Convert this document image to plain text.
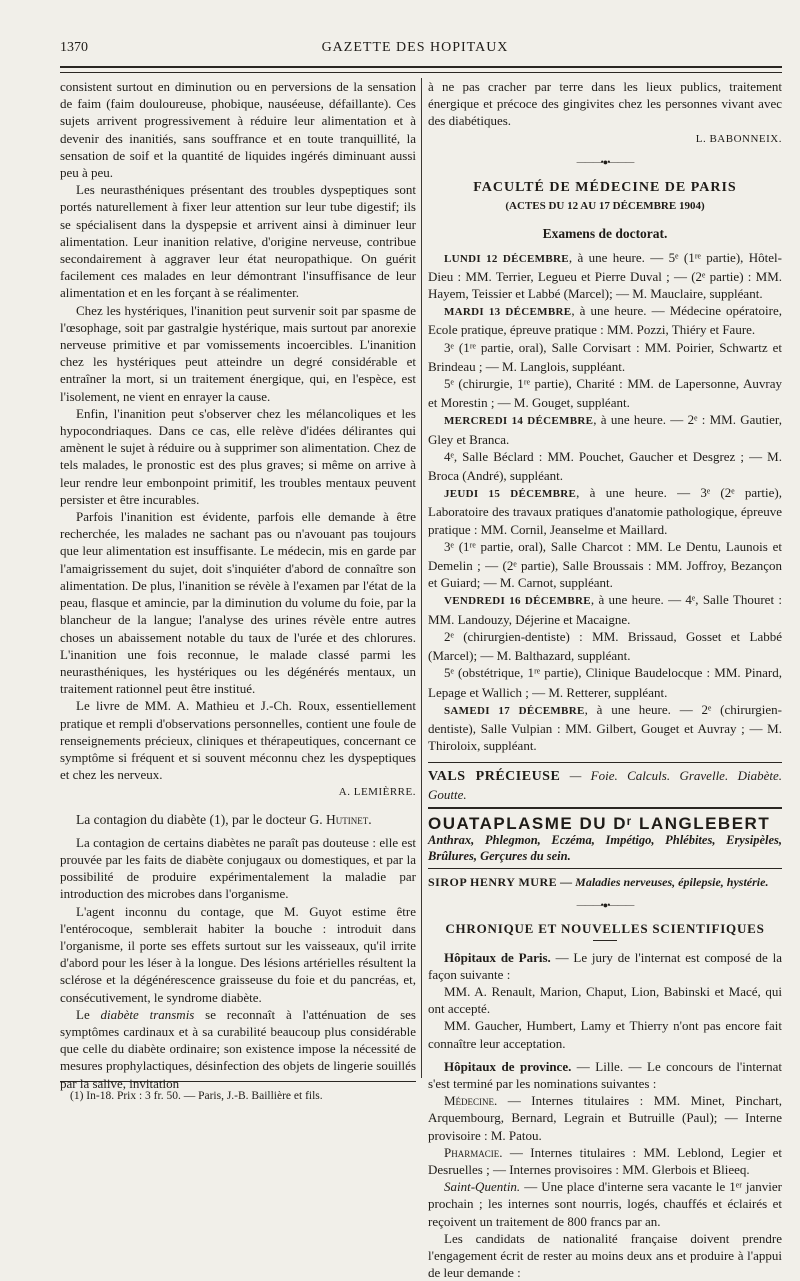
1370	GAZETTE DES HOPITAUX

consistent surtout en diminution ou en perversions de la sensation de faim (faim douloureuse, phobique, nauséeuse, défaillante). Ces sujets arrivent progressivement à réduire leur alimentation et à devenir des inanitiés, sans souffrance et en toute tranquillité, la sensation de soif et la quantité de liquides ingérés diminuant aussi peu à peu.

Les neurasthéniques présentant des troubles dyspeptiques sont portés naturellement à fixer leur attention sur leur tube digestif; ils se spécialisent dans la dyspepsie et arrivent ainsi à diminuer leur alimentation. Leur inanition relative, d'origine nerveuse, contribue secondairement à aggraver leur état neuropathique. On guérit facilement ces malades en leur démontrant l'insuffisance de leur alimentation et en les forçant à se réalimenter.

Chez les hystériques, l'inanition peut survenir soit par spasme de l'œsophage, soit par gastralgie hystérique, mais surtout par anorexie nerveuse primitive et par vomissements incoercibles. L'inanition chez les hystériques peut atteindre un degré considérable et entraîner la mort, si un traitement énergique, qui, en l'espèce, est l'isolement, ne vient en enrayer la cause.

Enfin, l'inanition peut s'observer chez les mélancoliques et les hypocondriaques. Dans ce cas, elle relève d'idées délirantes qui amènent le sujet à réduire ou à supprimer son alimentation. Chez de tels malades, le pronostic est des plus graves; si même on arrive à leur rendre leur embonpoint primitif, les troubles mentaux peuvent persister et être incurables.

Parfois l'inanition est évidente, parfois elle demande à être recherchée, les malades ne sachant pas ou n'avouant pas toujours que leur alimentation est insuffisante. Le médecin, mis en garde par l'amaigrissement du sujet, doit s'inquiéter d'abord de connaître son alimentation. De plus, l'inanition se révèle à l'examen par l'état de la peau, flasque et amincie, par la diminution du volume du foie, par la blancheur de la langue; l'analyse des urines révèle entre autres choses un abaissement notable du taux de l'urée et des chlorures. L'inanition une fois reconnue, le malade classé parmi les neurasthéniques, les hystériques ou les dégénérés mentaux, un traitement rationnel peut être institué.

Le livre de MM. A. Mathieu et J.-Ch. Roux, essentiellement pratique et rempli d'observations personnelles, contient une foule de renseignements précieux, cliniques et thérapeutiques, concernant ce symptôme si fréquent et si souvent méconnu chez les dyspeptiques et chez les nerveux.

A. LEMIÈRRE.

La contagion du diabète (1), par le docteur G. Hutinet.

La contagion de certains diabètes ne paraît pas douteuse : elle est prouvée par les faits de diabète conjugaux ou domestiques, et par la possibilité de produire expérimentalement la maladie par introduction des microbes dans l'organisme.

L'agent inconnu du contage, que M. Guyot estime être l'entérocoque, semblerait habiter la bouche : introduit dans l'organisme, il porte ses effets surtout sur les vaisseaux, qu'il irrite d'abord pour les léser à la longue. Des lésions artérielles résultent la sclérose et la dégénérescence graisseuse du foie et du pancréas, et, consécutivement, le syndrome diabète.

Le diabète transmis se reconnaît à l'atténuation de ses symptômes cardinaux et à sa curabilité beaucoup plus considérable que celle du diabète ordinaire; son existence impose la nécessité de mesures prophylactiques, désinfection des objets de lingerie souillés par la salive, invitation

(1) In-18. Prix : 3 fr. 50. — Paris, J.-B. Baillière et fils.

à ne pas cracher par terre dans les lieux publics, traitement énergique et précoce des gingivites chez les personnes vivant avec des diabétiques.

L. BABONNEIX.
———•●•———
FACULTÉ DE MÉDECINE DE PARIS
(ACTES DU 12 AU 17 DÉCEMBRE 1904)
Examens de doctorat.

LUNDI 12 DÉCEMBRE, à une heure. — 5ᵉ (1ʳᵉ partie), Hôtel-Dieu : MM. Terrier, Legueu et Pierre Duval ; — (2ᵉ partie) : MM. Hayem, Teissier et Labbé (Marcel); — M. Mauclaire, suppléant.

MARDI 13 DÉCEMBRE, à une heure. — Médecine opératoire, Ecole pratique, épreuve pratique : MM. Pozzi, Thiéry et Faure.

3ᵉ (1ʳᵉ partie, oral), Salle Corvisart : MM. Poirier, Schwartz et Brindeau ; — M. Langlois, suppléant.

5ᵉ (chirurgie, 1ʳᵉ partie), Charité : MM. de Lapersonne, Auvray et Morestin ; — M. Gouget, suppléant.

MERCREDI 14 DÉCEMBRE, à une heure. — 2ᵉ : MM. Gautier, Gley et Branca.

4ᵉ, Salle Béclard : MM. Pouchet, Gaucher et Desgrez ; — M. Broca (André), suppléant.

JEUDI 15 DÉCEMBRE, à une heure. — 3ᵉ (2ᵉ partie), Laboratoire des travaux pratiques d'anatomie pathologique, épreuve pratique : MM. Cornil, Jeanselme et Maillard.

3ᵉ (1ʳᵉ partie, oral), Salle Charcot : MM. Le Dentu, Launois et Demelin ; — (2ᵉ partie), Salle Broussais : MM. Joffroy, Bezançon et Guiard; — M. Carnot, suppléant.

VENDREDI 16 DÉCEMBRE, à une heure. — 4ᵉ, Salle Thouret : MM. Landouzy, Déjerine et Macaigne.

2ᵉ (chirurgien-dentiste) : MM. Brissaud, Gosset et Labbé (Marcel); — M. Balthazard, suppléant.

5ᵉ (obstétrique, 1ʳᵉ partie), Clinique Baudelocque : MM. Pinard, Lepage et Wallich ; — M. Retterer, suppléant.

SAMEDI 17 DÉCEMBRE, à une heure. — 2ᵉ (chirurgien-dentiste), Salle Vulpian : MM. Gilbert, Gouget et Auvray ; — M. Thiroloix, suppléant.

VALS PRÉCIEUSE — Foie. Calculs. Gravelle. Diabète. Goutte.
OUATAPLASME DU Dʳ LANGLEBERT
Anthrax, Phlegmon, Eczéma, Impétigo, Phlébites, Erysipèles, Brûlures, Gerçures du sein.
SIROP HENRY MURE — Maladies nerveuses, épilepsie, hystérie.
———•●•———
CHRONIQUE ET NOUVELLES SCIENTIFIQUES

Hôpitaux de Paris. — Le jury de l'internat est composé de la façon suivante :

MM. A. Renault, Marion, Chaput, Lion, Babinski et Macé, qui ont accepté.

MM. Gaucher, Humbert, Lamy et Thierry n'ont pas encore fait connaître leur acceptation.

Hôpitaux de province. — Lille. — Le concours de l'internat s'est terminé par les nominations suivantes :

Médecine. — Internes titulaires : MM. Minet, Pinchart, Arquembourg, Bernard, Legrain et Butruille (Paul); — Interne provisoire : M. Patou.

Pharmacie. — Internes titulaires : MM. Leblond, Legier et Desruelles ; — Internes provisoires : MM. Glerbois et Blieeq.

Saint-Quentin. — Une place d'interne sera vacante le 1ᵉʳ janvier prochain ; les internes sont nourris, logés, chauffés et éclairés et reçoivent un traitement de 800 francs par an.

Les candidats de nationalité française doivent prendre l'engagement écrit de rester au moins deux ans et produire à l'appui de leur demande :
